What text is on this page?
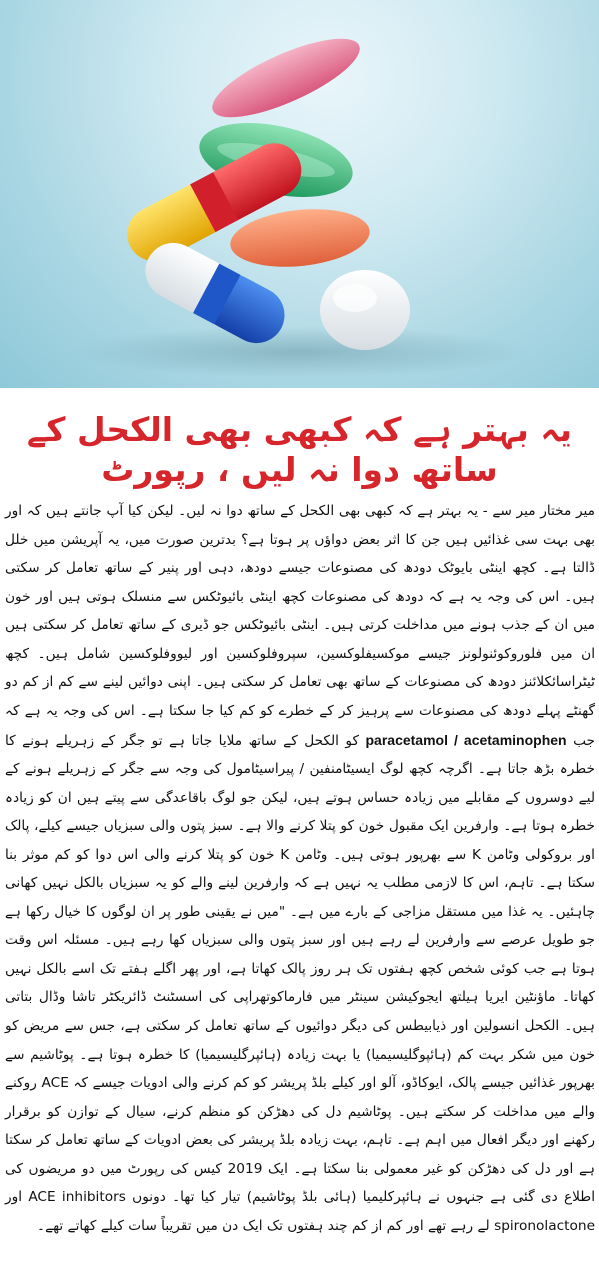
یہ بہتر ہے کہ کبھی بھی الکحل کے ساتھ دوا نہ لیں ، رپورٹ

میر مختار میر سے - یہ بہتر ہے کہ کبھی بھی الکحل کے ساتھ دوا نہ لیں۔ لیکن کیا آپ جانتے ہیں کہ اور بھی بہت سی غذائیں ہیں جن کا اثر بعض دواؤں پر ہوتا ہے؟ بدترین صورت میں، یہ آپریشن میں خلل ڈالتا ہے۔ کچھ اینٹی بایوٹک دودھ کی مصنوعات جیسے دودھ، دہی اور پنیر کے ساتھ تعامل کر سکتی ہیں۔ اس کی وجہ یہ ہے کہ دودھ کی مصنوعات کچھ اینٹی بائیوٹکس سے منسلک ہوتی ہیں اور خون میں ان کے جذب ہونے میں مداخلت کرتی ہیں۔ اینٹی بائیوٹکس جو ڈیری کے ساتھ تعامل کر سکتی ہیں ان میں فلوروکوئنولونز جیسے موکسیفلوکسین، سپروفلوکسین اور لیووفلوکسین شامل ہیں۔ کچھ ٹیٹراسائکلائنز دودھ کی مصنوعات کے ساتھ بھی تعامل کر سکتی ہیں۔ اپنی دوائیں لینے سے کم از کم دو گھنٹے پہلے دودھ کی مصنوعات سے پرہیز کر کے خطرے کو کم کیا جا سکتا ہے۔ اس کی وجہ یہ ہے کہ جب paracetamol / acetaminophen کو الکحل کے ساتھ ملایا جاتا ہے تو جگر کے زہریلے ہونے کا خطرہ بڑھ جاتا ہے۔ اگرچہ کچھ لوگ ایسیٹامنفین / پیراسیٹامول کی وجہ سے جگر کے زہریلے ہونے کے لیے دوسروں کے مقابلے میں زیادہ حساس ہوتے ہیں، لیکن جو لوگ باقاعدگی سے پیتے ہیں ان کو زیادہ خطرہ ہوتا ہے۔ وارفرین ایک مقبول خون کو پتلا کرنے والا ہے۔ سبز پتوں والی سبزیاں جیسے کیلے، پالک اور بروکولی وٹامن K سے بھرپور ہوتی ہیں۔ وٹامن K خون کو پتلا کرنے والی اس دوا کو کم موثر بنا سکتا ہے۔ تاہم، اس کا لازمی مطلب یہ نہیں ہے کہ وارفرین لینے والے کو یہ سبزیاں بالکل نہیں کھانی چاہئیں۔ یہ غذا میں مستقل مزاجی کے بارے میں ہے۔ "میں نے یقینی طور پر ان لوگوں کا خیال رکھا ہے جو طویل عرصے سے وارفرین لے رہے ہیں اور سبز پتوں والی سبزیاں کھا رہے ہیں۔ مسئلہ اس وقت ہوتا ہے جب کوئی شخص کچھ ہفتوں تک ہر روز پالک کھاتا ہے، اور پھر اگلے ہفتے تک اسے بالکل نہیں کھاتا۔ ماؤنٹین ایریا ہیلتھ ایجوکیشن سینٹر میں فارماکوتھراپی کی اسسٹنٹ ڈائریکٹر تاشا وڈال بتاتی ہیں۔ الکحل انسولین اور ذیابیطس کی دیگر دوائیوں کے ساتھ تعامل کر سکتی ہے، جس سے مریض کو خون میں شکر بہت کم (ہائپوگلیسیمیا) یا بہت زیادہ (ہائپرگلیسیمیا) کا خطرہ ہوتا ہے۔ پوٹاشیم سے بھرپور غذائیں جیسے پالک، ایوکاڈو، آلو اور کیلے بلڈ پریشر کو کم کرنے والی ادویات جیسے کہ ACE روکنے والے میں مداخلت کر سکتے ہیں۔ پوٹاشیم دل کی دھڑکن کو منظم کرنے، سیال کے توازن کو برقرار رکھنے اور دیگر افعال میں اہم ہے۔ تاہم، بہت زیادہ بلڈ پریشر کی بعض ادویات کے ساتھ تعامل کر سکتا ہے اور دل کی دھڑکن کو غیر معمولی بنا سکتا ہے۔ ایک 2019 کیس کی رپورٹ میں دو مریضوں کی اطلاع دی گئی ہے جنہوں نے ہائپرکلیمیا (ہائی بلڈ پوٹاشیم) تیار کیا تھا۔ دونوں ACE inhibitors اور spironolactone لے رہے تھے اور کم از کم چند ہفتوں تک ایک دن میں تقریباً سات کیلے کھاتے تھے۔
